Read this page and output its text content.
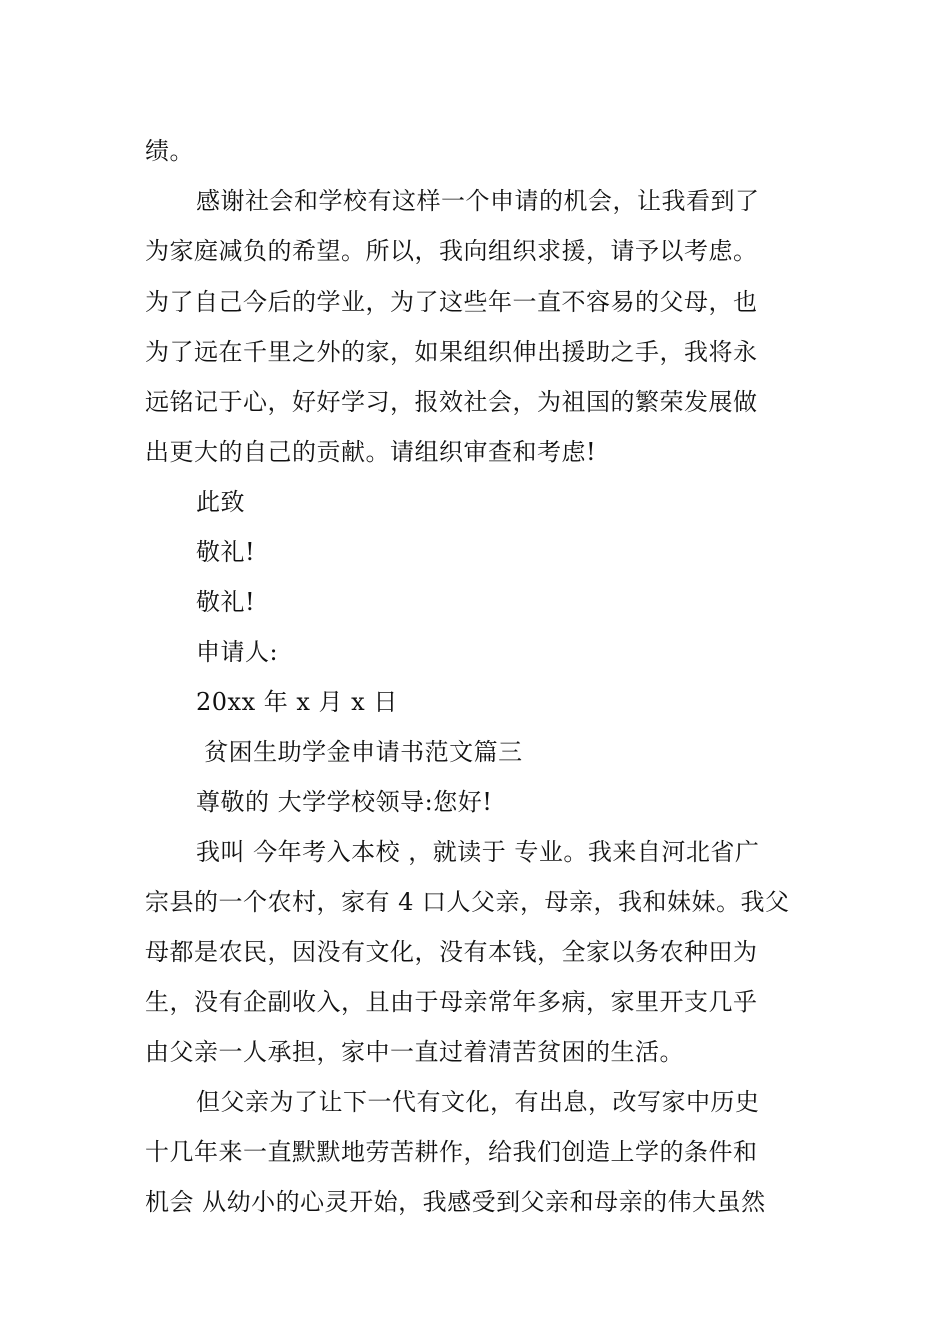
绩。
感谢社会和学校有这样一个申请的机会，让我看到了
为家庭减负的希望。所以，我向组织求援，请予以考虑。
为了自己今后的学业，为了这些年一直不容易的父母，也
为了远在千里之外的家，如果组织伸出援助之手，我将永
远铭记于心，好好学习，报效社会，为祖国的繁荣发展做
出更大的自己的贡献。请组织审查和考虑!
此致
敬礼!
敬礼!
申请人:
20xx 年 x 月 x 日
贫困生助学金申请书范文篇三
尊敬的 大学学校领导:您好!
我叫 今年考入本校 ，就读于 专业。我来自河北省广
宗县的一个农村，家有 4 口人父亲，母亲，我和妹妹。我父
母都是农民，因没有文化，没有本钱，全家以务农种田为
生，没有企副收入，且由于母亲常年多病，家里开支几乎
由父亲一人承担，家中一直过着清苦贫困的生活。
但父亲为了让下一代有文化，有出息，改写家中历史
十几年来一直默默地劳苦耕作，给我们创造上学的条件和
机会 从幼小的心灵开始，我感受到父亲和母亲的伟大虽然
